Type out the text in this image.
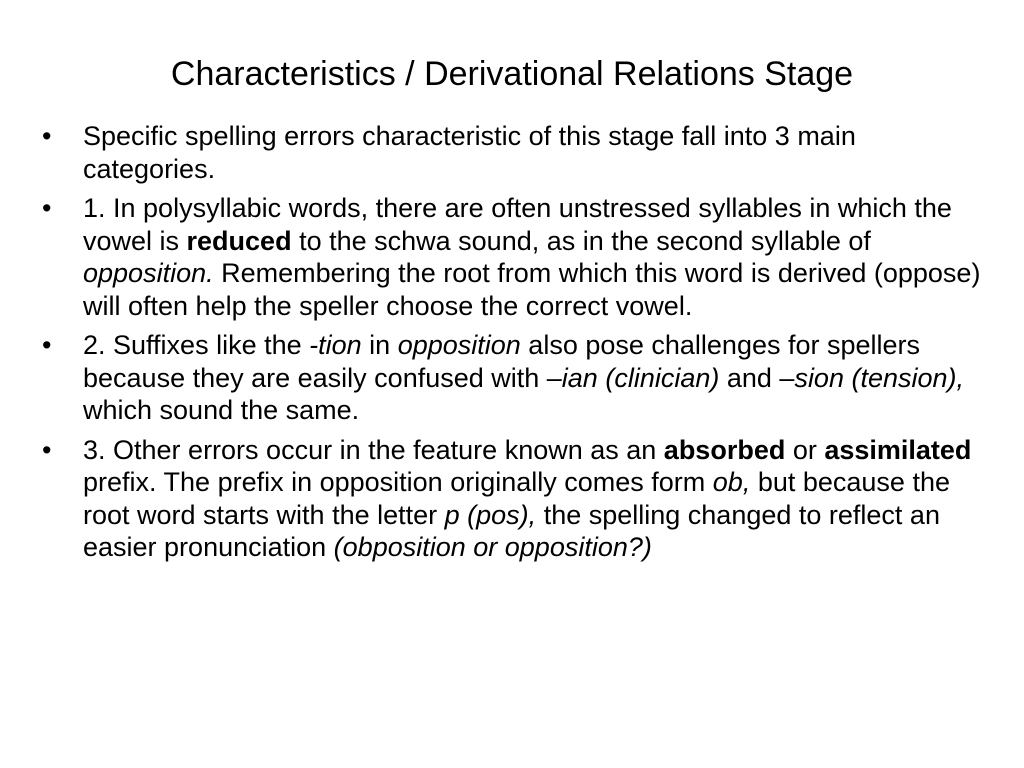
Characteristics / Derivational Relations Stage
•	Specific spelling errors characteristic of this stage fall into 3 main categories.
•	1. In polysyllabic words, there are often unstressed syllables in which the vowel is reduced to the schwa sound, as in the second syllable of opposition. Remembering the root from which this word is derived (oppose) will often help the speller choose the correct vowel.
•	2. Suffixes like the -tion in opposition also pose challenges for spellers because they are easily confused with –ian (clinician) and –sion (tension), which sound the same.
•	3. Other errors occur in the feature known as an absorbed or assimilated prefix. The prefix in opposition originally comes form ob, but because the root word starts with the letter p (pos), the spelling changed to reflect an easier pronunciation (obposition or opposition?)
